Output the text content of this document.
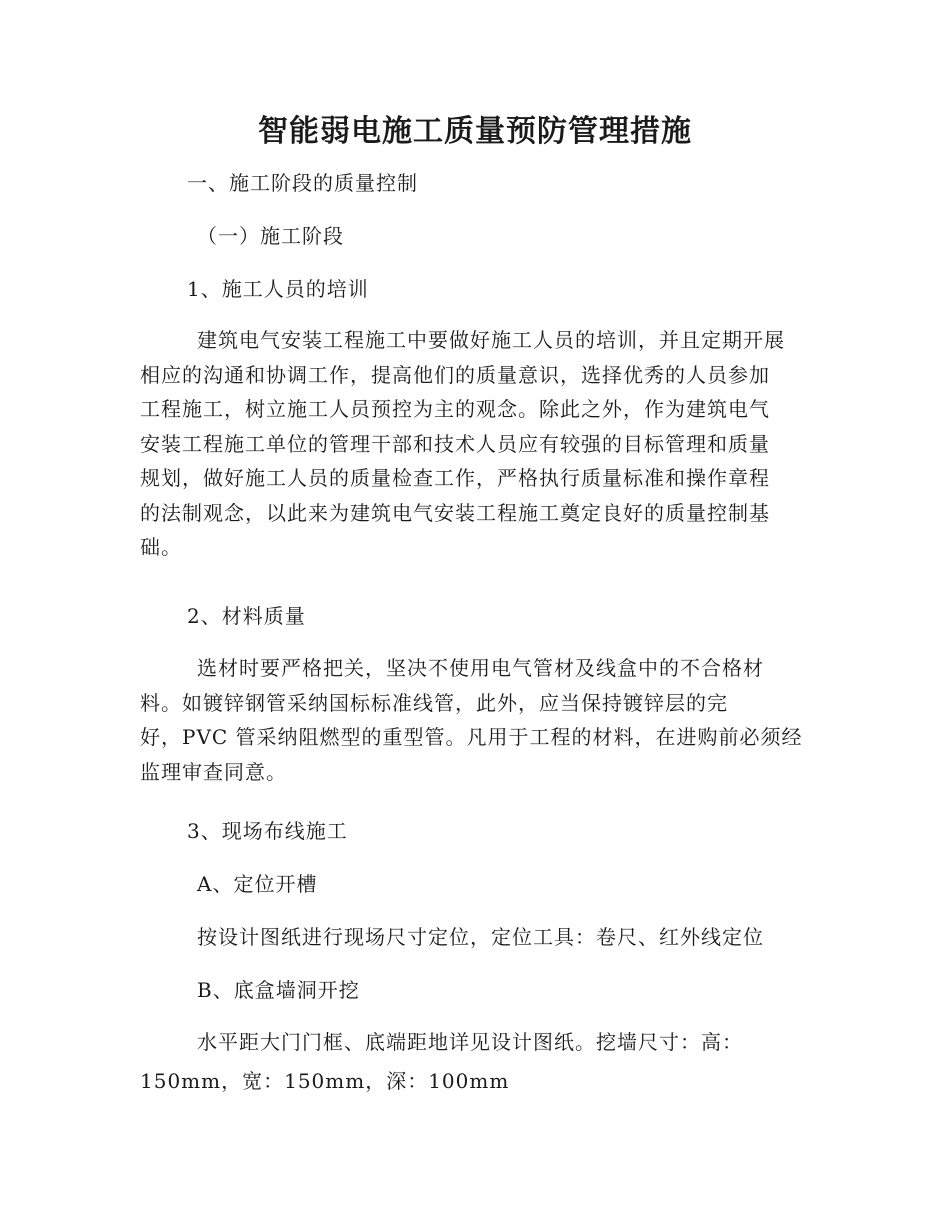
智能弱电施工质量预防管理措施
一、施工阶段的质量控制
（一）施工阶段
1、施工人员的培训
建筑电气安装工程施工中要做好施工人员的培训，并且定期开展
相应的沟通和协调工作，提高他们的质量意识，选择优秀的人员参加
工程施工，树立施工人员预控为主的观念。除此之外，作为建筑电气
安装工程施工单位的管理干部和技术人员应有较强的目标管理和质量
规划，做好施工人员的质量检查工作，严格执行质量标准和操作章程
的法制观念，以此来为建筑电气安装工程施工奠定良好的质量控制基
础。
2、材料质量
选材时要严格把关，坚决不使用电气管材及线盒中的不合格材
料。如镀锌钢管采纳国标标准线管，此外，应当保持镀锌层的完
好，PVC 管采纳阻燃型的重型管。凡用于工程的材料，在进购前必须经
监理审查同意。
3、现场布线施工
A、定位开槽
按设计图纸进行现场尺寸定位，定位工具：卷尺、红外线定位
B、底盒墙洞开挖
水平距大门门框、底端距地详见设计图纸。挖墙尺寸：高：
150mm，宽：150mm，深：100mm
